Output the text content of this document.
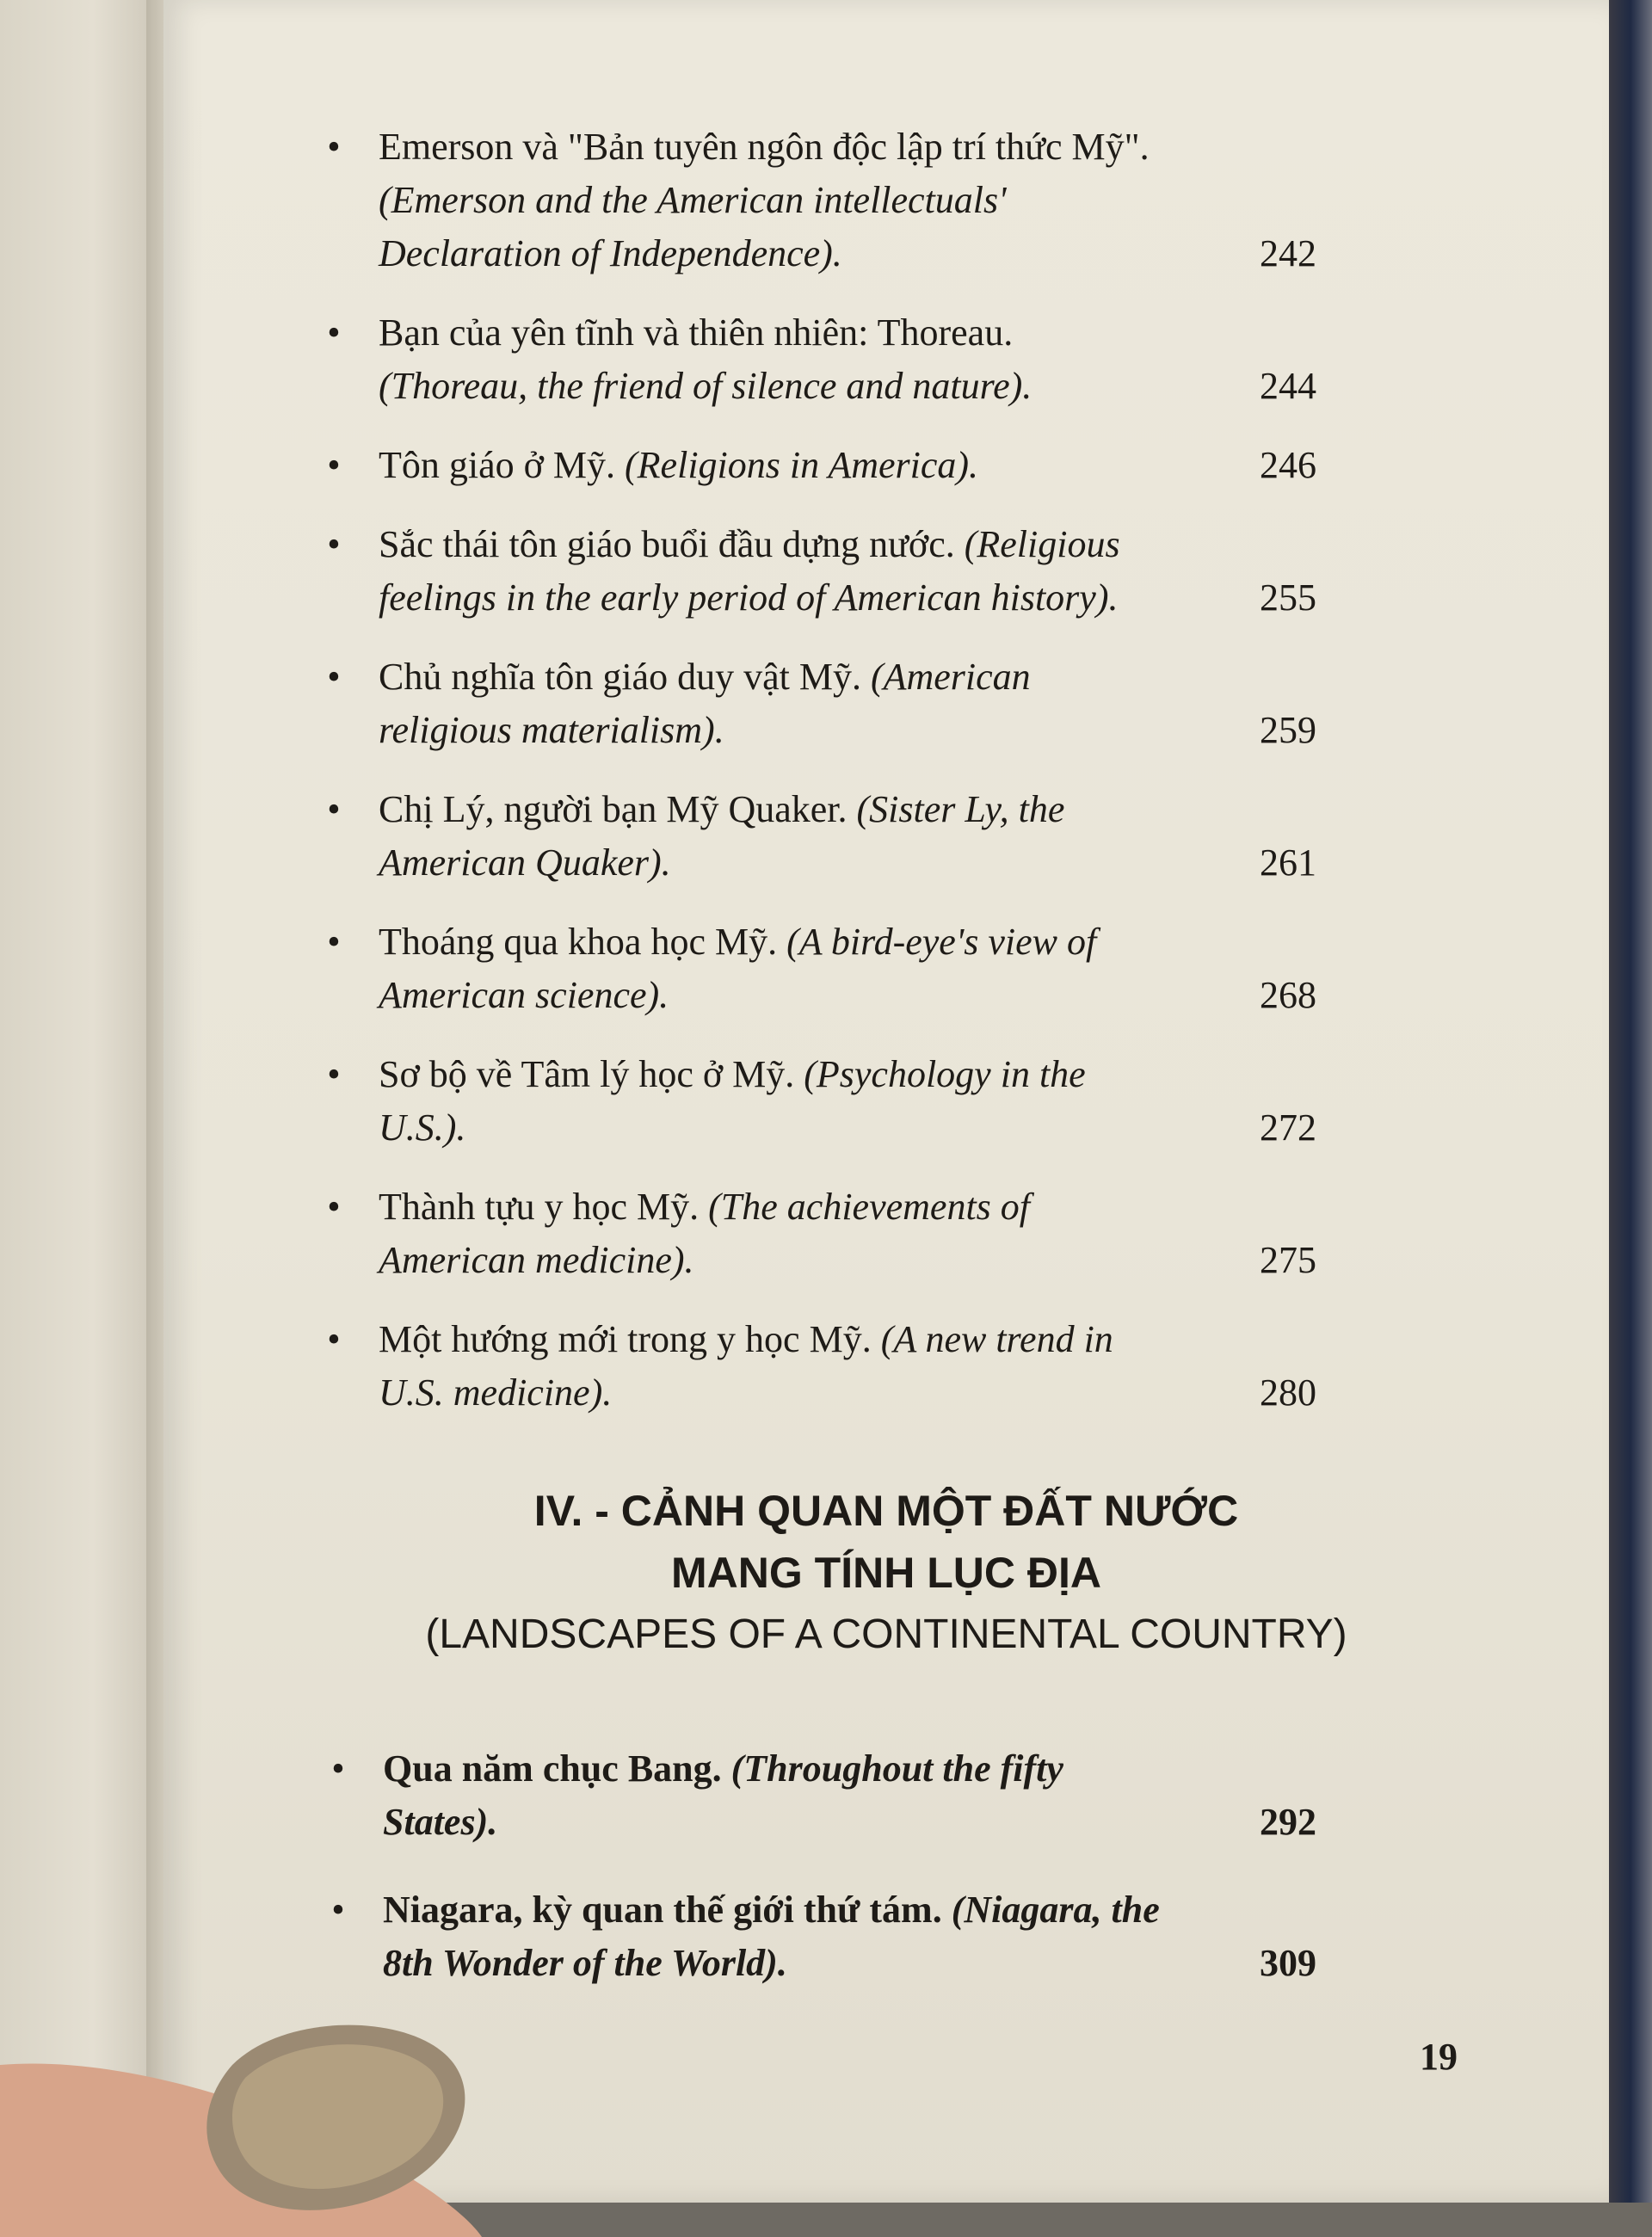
• Emerson và "Bản tuyên ngôn độc lập trí thức Mỹ". (Emerson and the American intellectuals' Declaration of Independence).	242
• Bạn của yên tĩnh và thiên nhiên: Thoreau. (Thoreau, the friend of silence and nature).	244
• Tôn giáo ở Mỹ. (Religions in America).	246
• Sắc thái tôn giáo buổi đầu dựng nước. (Religious feelings in the early period of American history).	255
• Chủ nghĩa tôn giáo duy vật Mỹ. (American religious materialism).	259
• Chị Lý, người bạn Mỹ Quaker. (Sister Ly, the American Quaker).	261
• Thoáng qua khoa học Mỹ. (A bird-eye's view of American science).	268
• Sơ bộ về Tâm lý học ở Mỹ. (Psychology in the U.S.).	272
• Thành tựu y học Mỹ. (The achievements of American medicine).	275
• Một hướng mới trong y học Mỹ. (A new trend in U.S. medicine).	280
IV. - CẢNH QUAN MỘT ĐẤT NƯỚC
MANG TÍNH LỤC ĐỊA
(LANDSCAPES OF A CONTINENTAL COUNTRY)
• Qua năm chục Bang. (Throughout the fifty States).	292
• Niagara, kỳ quan thế giới thứ tám. (Niagara, the 8th Wonder of the World).	309
19
